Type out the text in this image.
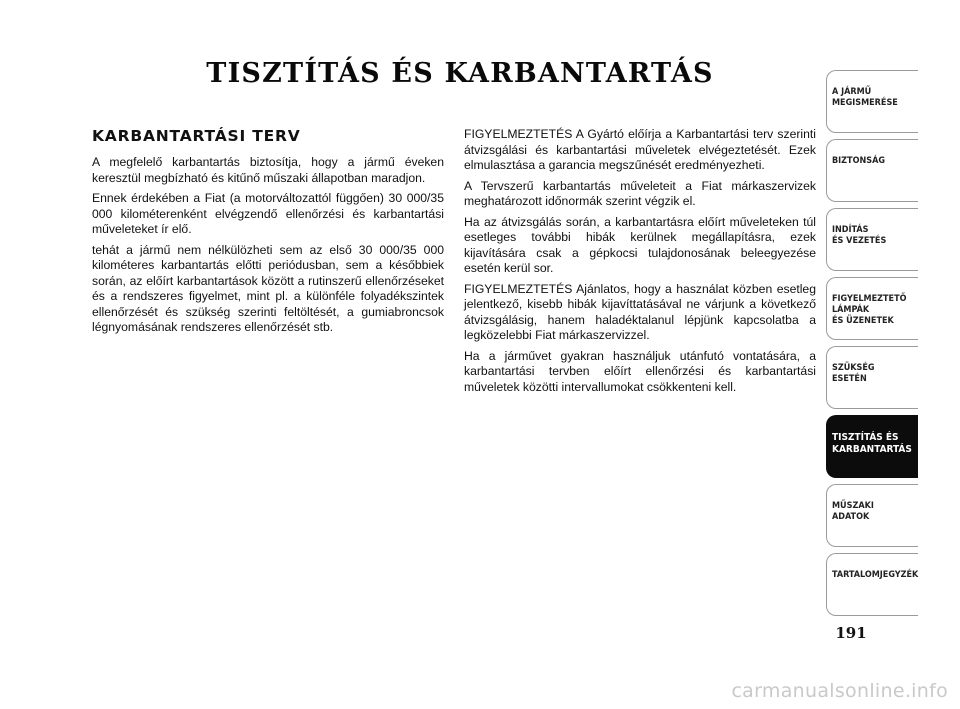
TISZTÍTÁS ÉS KARBANTARTÁS
KARBANTARTÁSI TERV

A megfelelő karbantartás biztosítja, hogy a jármű éveken keresztül megbízható és kitűnő műszaki állapotban maradjon.

Ennek érdekében a Fiat (a motorváltozattól függően) 30 000/35 000 kilométerenként elvégzendő ellenőrzési és karbantartási műveleteket ír elő.

tehát a jármű nem nélkülözheti sem az első 30 000/35 000 kilométeres karbantartás előtti periódusban, sem a későbbiek során, az előírt karbantartások között a rutinszerű ellenőrzéseket és a rendszeres figyelmet, mint pl. a különféle folyadékszintek ellenőrzését és szükség szerinti feltöltését, a gumiabroncsok légnyomásának rendszeres ellenőrzését stb.

FIGYELMEZTETÉS A Gyártó előírja a Karbantartási terv szerinti átvizsgálási és karbantartási műveletek elvégeztetését. Ezek elmulasztása a garancia megszűnését eredményezheti.

A Tervszerű karbantartás műveleteit a Fiat márkaszervizek meghatározott időnormák szerint végzik el.

Ha az átvizsgálás során, a karbantartásra előírt műveleteken túl esetleges további hibák kerülnek megállapításra, ezek kijavítására csak a gépkocsi tulajdonosának beleegyezése esetén kerül sor.

FIGYELMEZTETÉS Ajánlatos, hogy a használat közben esetleg jelentkező, kisebb hibák kijavíttatásával ne várjunk a következő átvizsgálásig, hanem haladéktalanul lépjünk kapcsolatba a legközelebbi Fiat márkaszervizzel.

Ha a járművet gyakran használjuk utánfutó vontatására, a karbantartási tervben előírt ellenőrzési és karbantartási műveletek közötti intervallumokat csökkenteni kell.

A JÁRMŰ
MEGISMERÉSE
BIZTONSÁG
INDÍTÁS
ÉS VEZETÉS
FIGYELMEZTETŐ
LÁMPÁK
ÉS ÜZENETEK
SZÜKSÉG
ESETÉN
TISZTÍTÁS ÉS
KARBANTARTÁS
MŰSZAKI
ADATOK
TARTALOMJEGYZÉK
191
carmanualsonline.info
